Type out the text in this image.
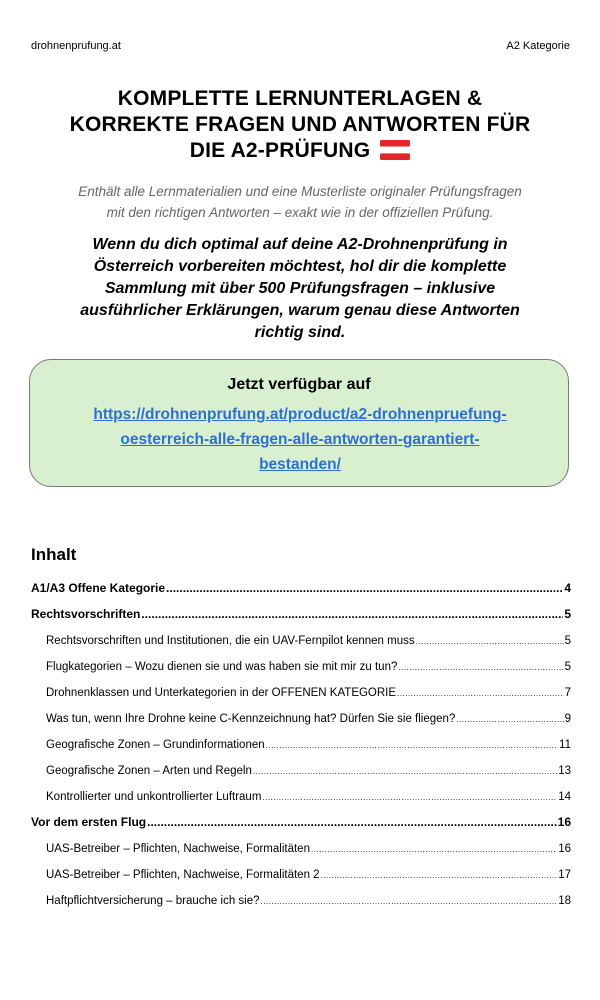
drohnenprufung.at	A2 Kategorie
KOMPLETTE LERNUNTERLAGEN &
KORREKTE FRAGEN UND ANTWORTEN FÜR
DIE A2-PRÜFUNG
Enthält alle Lernmaterialien und eine Musterliste originaler Prüfungsfragen
mit den richtigen Antworten – exakt wie in der offiziellen Prüfung.
Wenn du dich optimal auf deine A2-Drohnenprüfung in
Österreich vorbereiten möchtest, hol dir die komplette
Sammlung mit über 500 Prüfungsfragen – inklusive
ausführlicher Erklärungen, warum genau diese Antworten
richtig sind.
Jetzt verfügbar auf
https://drohnenprufung.at/product/a2-drohnenpruefung-
oesterreich-alle-fragen-alle-antworten-garantiert-
bestanden/
Inhalt
A1/A3 Offene Kategorie .....	4
Rechtsvorschriften .....	5
Rechtsvorschriften und Institutionen, die ein UAV-Fernpilot kennen muss .....	5
Flugkategorien – Wozu dienen sie und was haben sie mit mir zu tun? .....	5
Drohnenklassen und Unterkategorien in der OFFENEN KATEGORIE .....	7
Was tun, wenn Ihre Drohne keine C-Kennzeichnung hat? Dürfen Sie sie fliegen? .....	9
Geografische Zonen – Grundinformationen .....	11
Geografische Zonen – Arten und Regeln .....	13
Kontrollierter und unkontrollierter Luftraum .....	14
Vor dem ersten Flug .....	16
UAS-Betreiber – Pflichten, Nachweise, Formalitäten .....	16
UAS-Betreiber – Pflichten, Nachweise, Formalitäten 2 .....	17
Haftpflichtversicherung – brauche ich sie? .....	18
